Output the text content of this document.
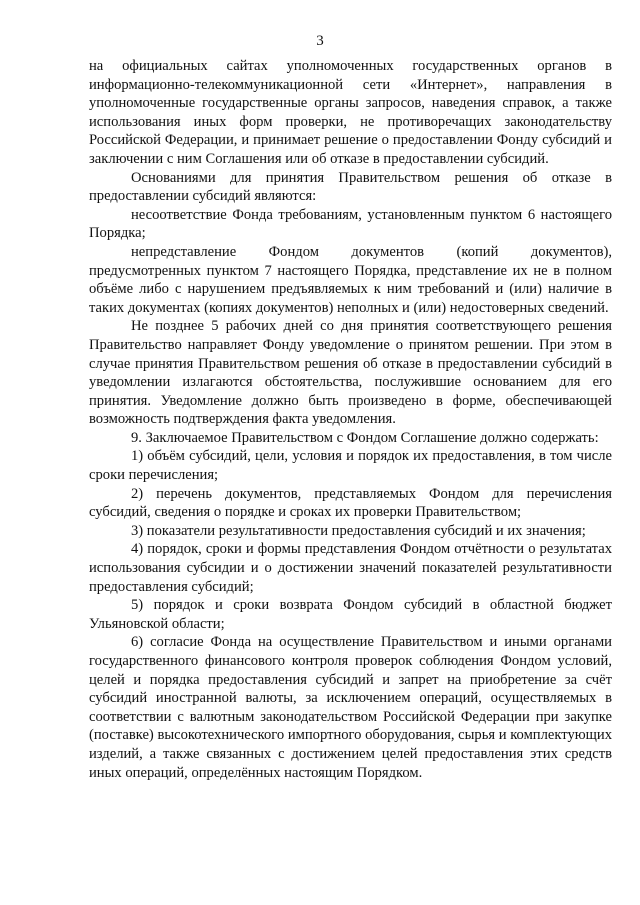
3

на официальных сайтах уполномоченных государственных органов в информационно-телекоммуникационной сети «Интернет», направления в уполномоченные государственные органы запросов, наведения справок, а также использования иных форм проверки, не противоречащих законодательству Российской Федерации, и принимает решение о предоставлении Фонду субсидий и заключении с ним Соглашения или об отказе в предоставлении субсидий.

Основаниями для принятия Правительством решения об отказе в предоставлении субсидий являются:

несоответствие Фонда требованиям, установленным пунктом 6 настоящего Порядка;

непредставление Фондом документов (копий документов), предусмотренных пунктом 7 настоящего Порядка, представление их не в полном объёме либо с нарушением предъявляемых к ним требований и (или) наличие в таких документах (копиях документов) неполных и (или) недостоверных сведений.

Не позднее 5 рабочих дней со дня принятия соответствующего решения Правительство направляет Фонду уведомление о принятом решении. При этом в случае принятия Правительством решения об отказе в предоставлении субсидий в уведомлении излагаются обстоятельства, послужившие основанием для его принятия. Уведомление должно быть произведено в форме, обеспечивающей возможность подтверждения факта уведомления.

9. Заключаемое Правительством с Фондом Соглашение должно содержать:

1) объём субсидий, цели, условия и порядок их предоставления, в том числе сроки перечисления;

2) перечень документов, представляемых Фондом для перечисления субсидий, сведения о порядке и сроках их проверки Правительством;

3) показатели результативности предоставления субсидий и их значения;

4) порядок, сроки и формы представления Фондом отчётности о результатах использования субсидии и о достижении значений показателей результативности предоставления субсидий;

5) порядок и сроки возврата Фондом субсидий в областной бюджет Ульяновской области;

6) согласие Фонда на осуществление Правительством и иными органами государственного финансового контроля проверок соблюдения Фондом условий, целей и порядка предоставления субсидий и запрет на приобретение за счёт субсидий иностранной валюты, за исключением операций, осуществляемых в соответствии с валютным законодательством Российской Федерации при закупке (поставке) высокотехнического импортного оборудования, сырья и комплектующих изделий, а также связанных с достижением целей предоставления этих средств иных операций, определённых настоящим Порядком.
